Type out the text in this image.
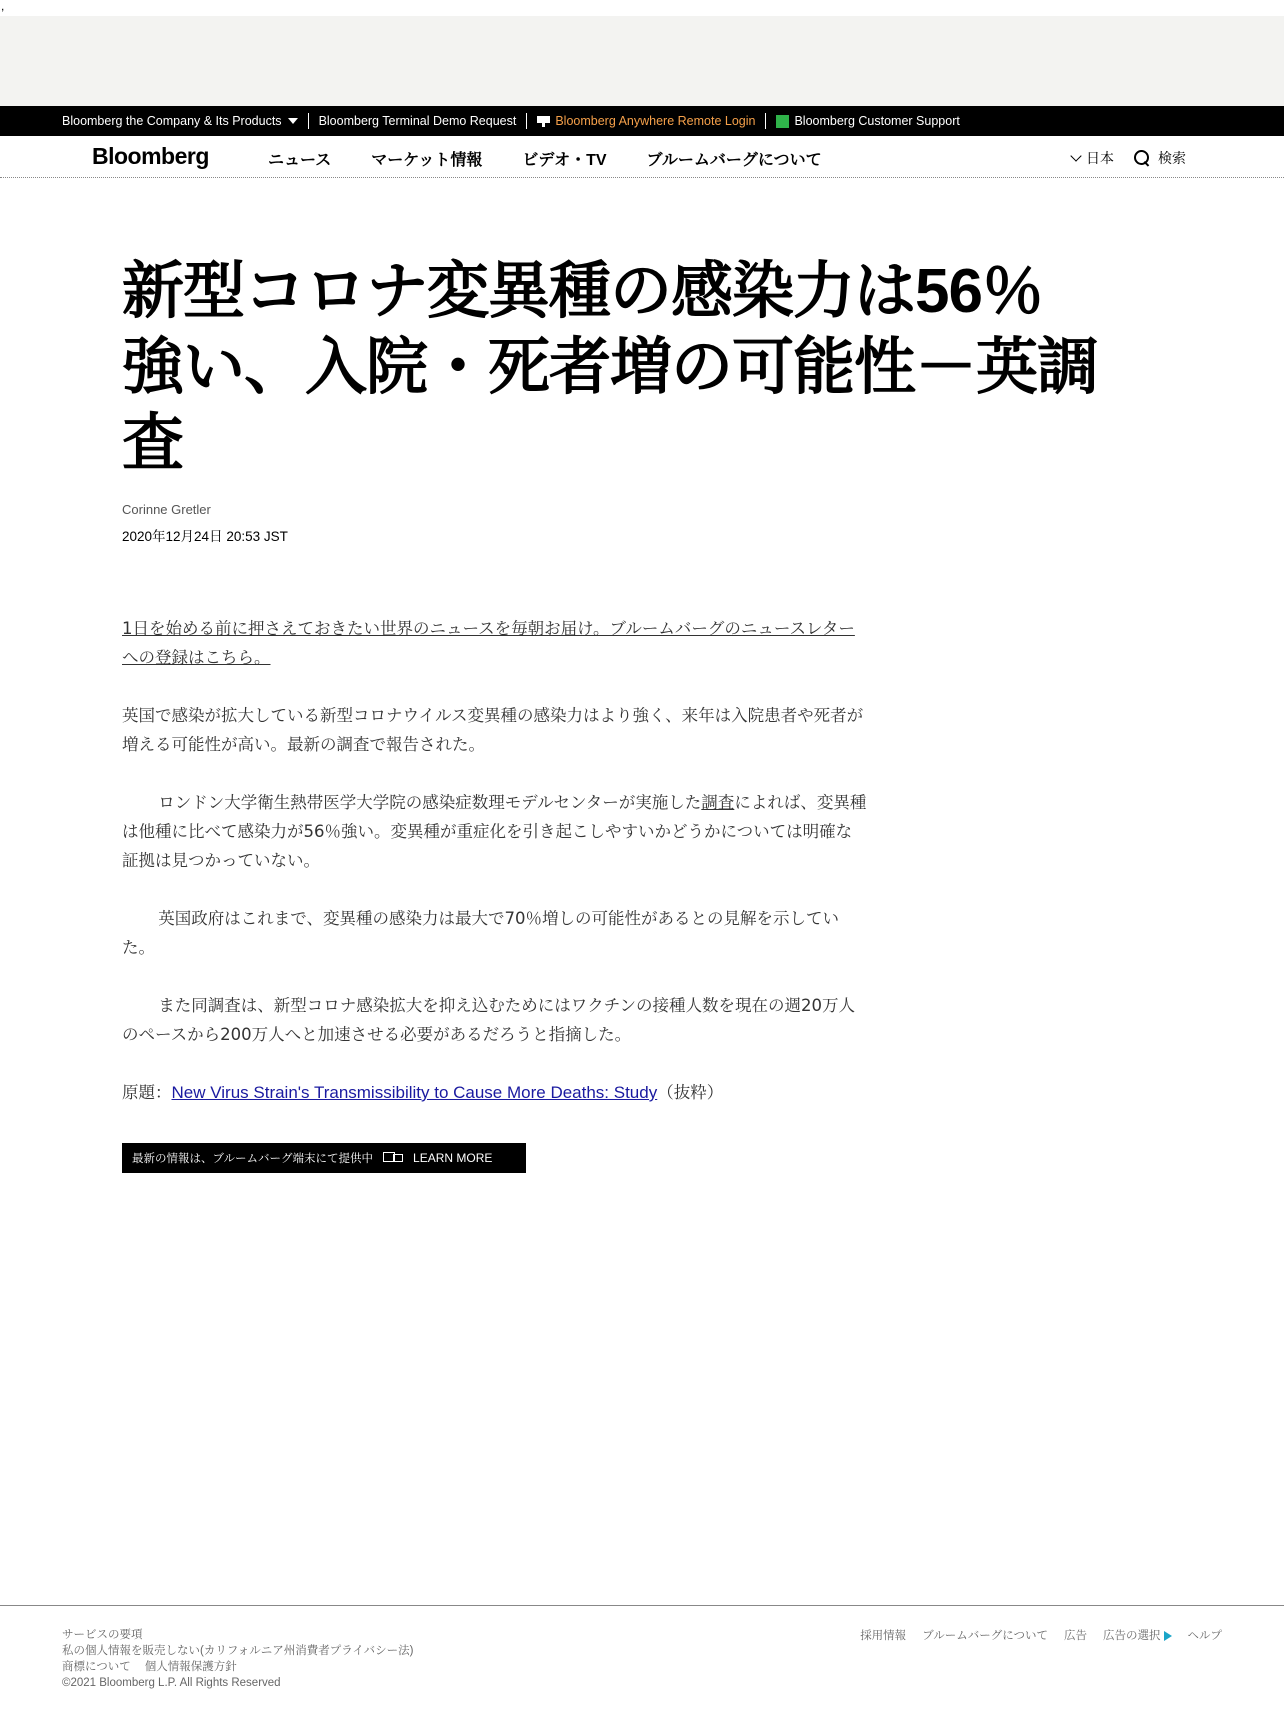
,
Bloomberg the Company & Its Products	Bloomberg Terminal Demo Request	Bloomberg Anywhere Remote Login	Bloomberg Customer Support
Bloomberg	ニュース	マーケット情報	ビデオ・TV	ブルームバーグについて	日本	検索
新型コロナ変異種の感染力は56％強い、入院・死者増の可能性－英調査
Corinne Gretler
2020年12月24日 20:53 JST

1日を始める前に押さえておきたい世界のニュースを毎朝お届け。ブルームバーグのニュースレターへの登録はこちら。

英国で感染が拡大している新型コロナウイルス変異種の感染力はより強く、来年は入院患者や死者が増える可能性が高い。最新の調査で報告された。

ロンドン大学衛生熱帯医学大学院の感染症数理モデルセンターが実施した調査によれば、変異種は他種に比べて感染力が56％強い。変異種が重症化を引き起こしやすいかどうかについては明確な証拠は見つかっていない。

英国政府はこれまで、変異種の感染力は最大で70％増しの可能性があるとの見解を示していた。

また同調査は、新型コロナ感染拡大を抑え込むためにはワクチンの接種人数を現在の週20万人のペースから200万人へと加速させる必要があるだろうと指摘した。

原題：New Virus Strain's Transmissibility to Cause More Deaths: Study（抜粋）

最新の情報は、ブルームバーグ端末にて提供中	LEARN MORE
サービスの要項
私の個人情報を販売しない(カリフォルニア州消費者プライバシー法)
商標について 個人情報保護方針
©2021 Bloomberg L.P. All Rights Reserved
採用情報 ブルームバーグについて 広告 広告の選択	ヘルプ
